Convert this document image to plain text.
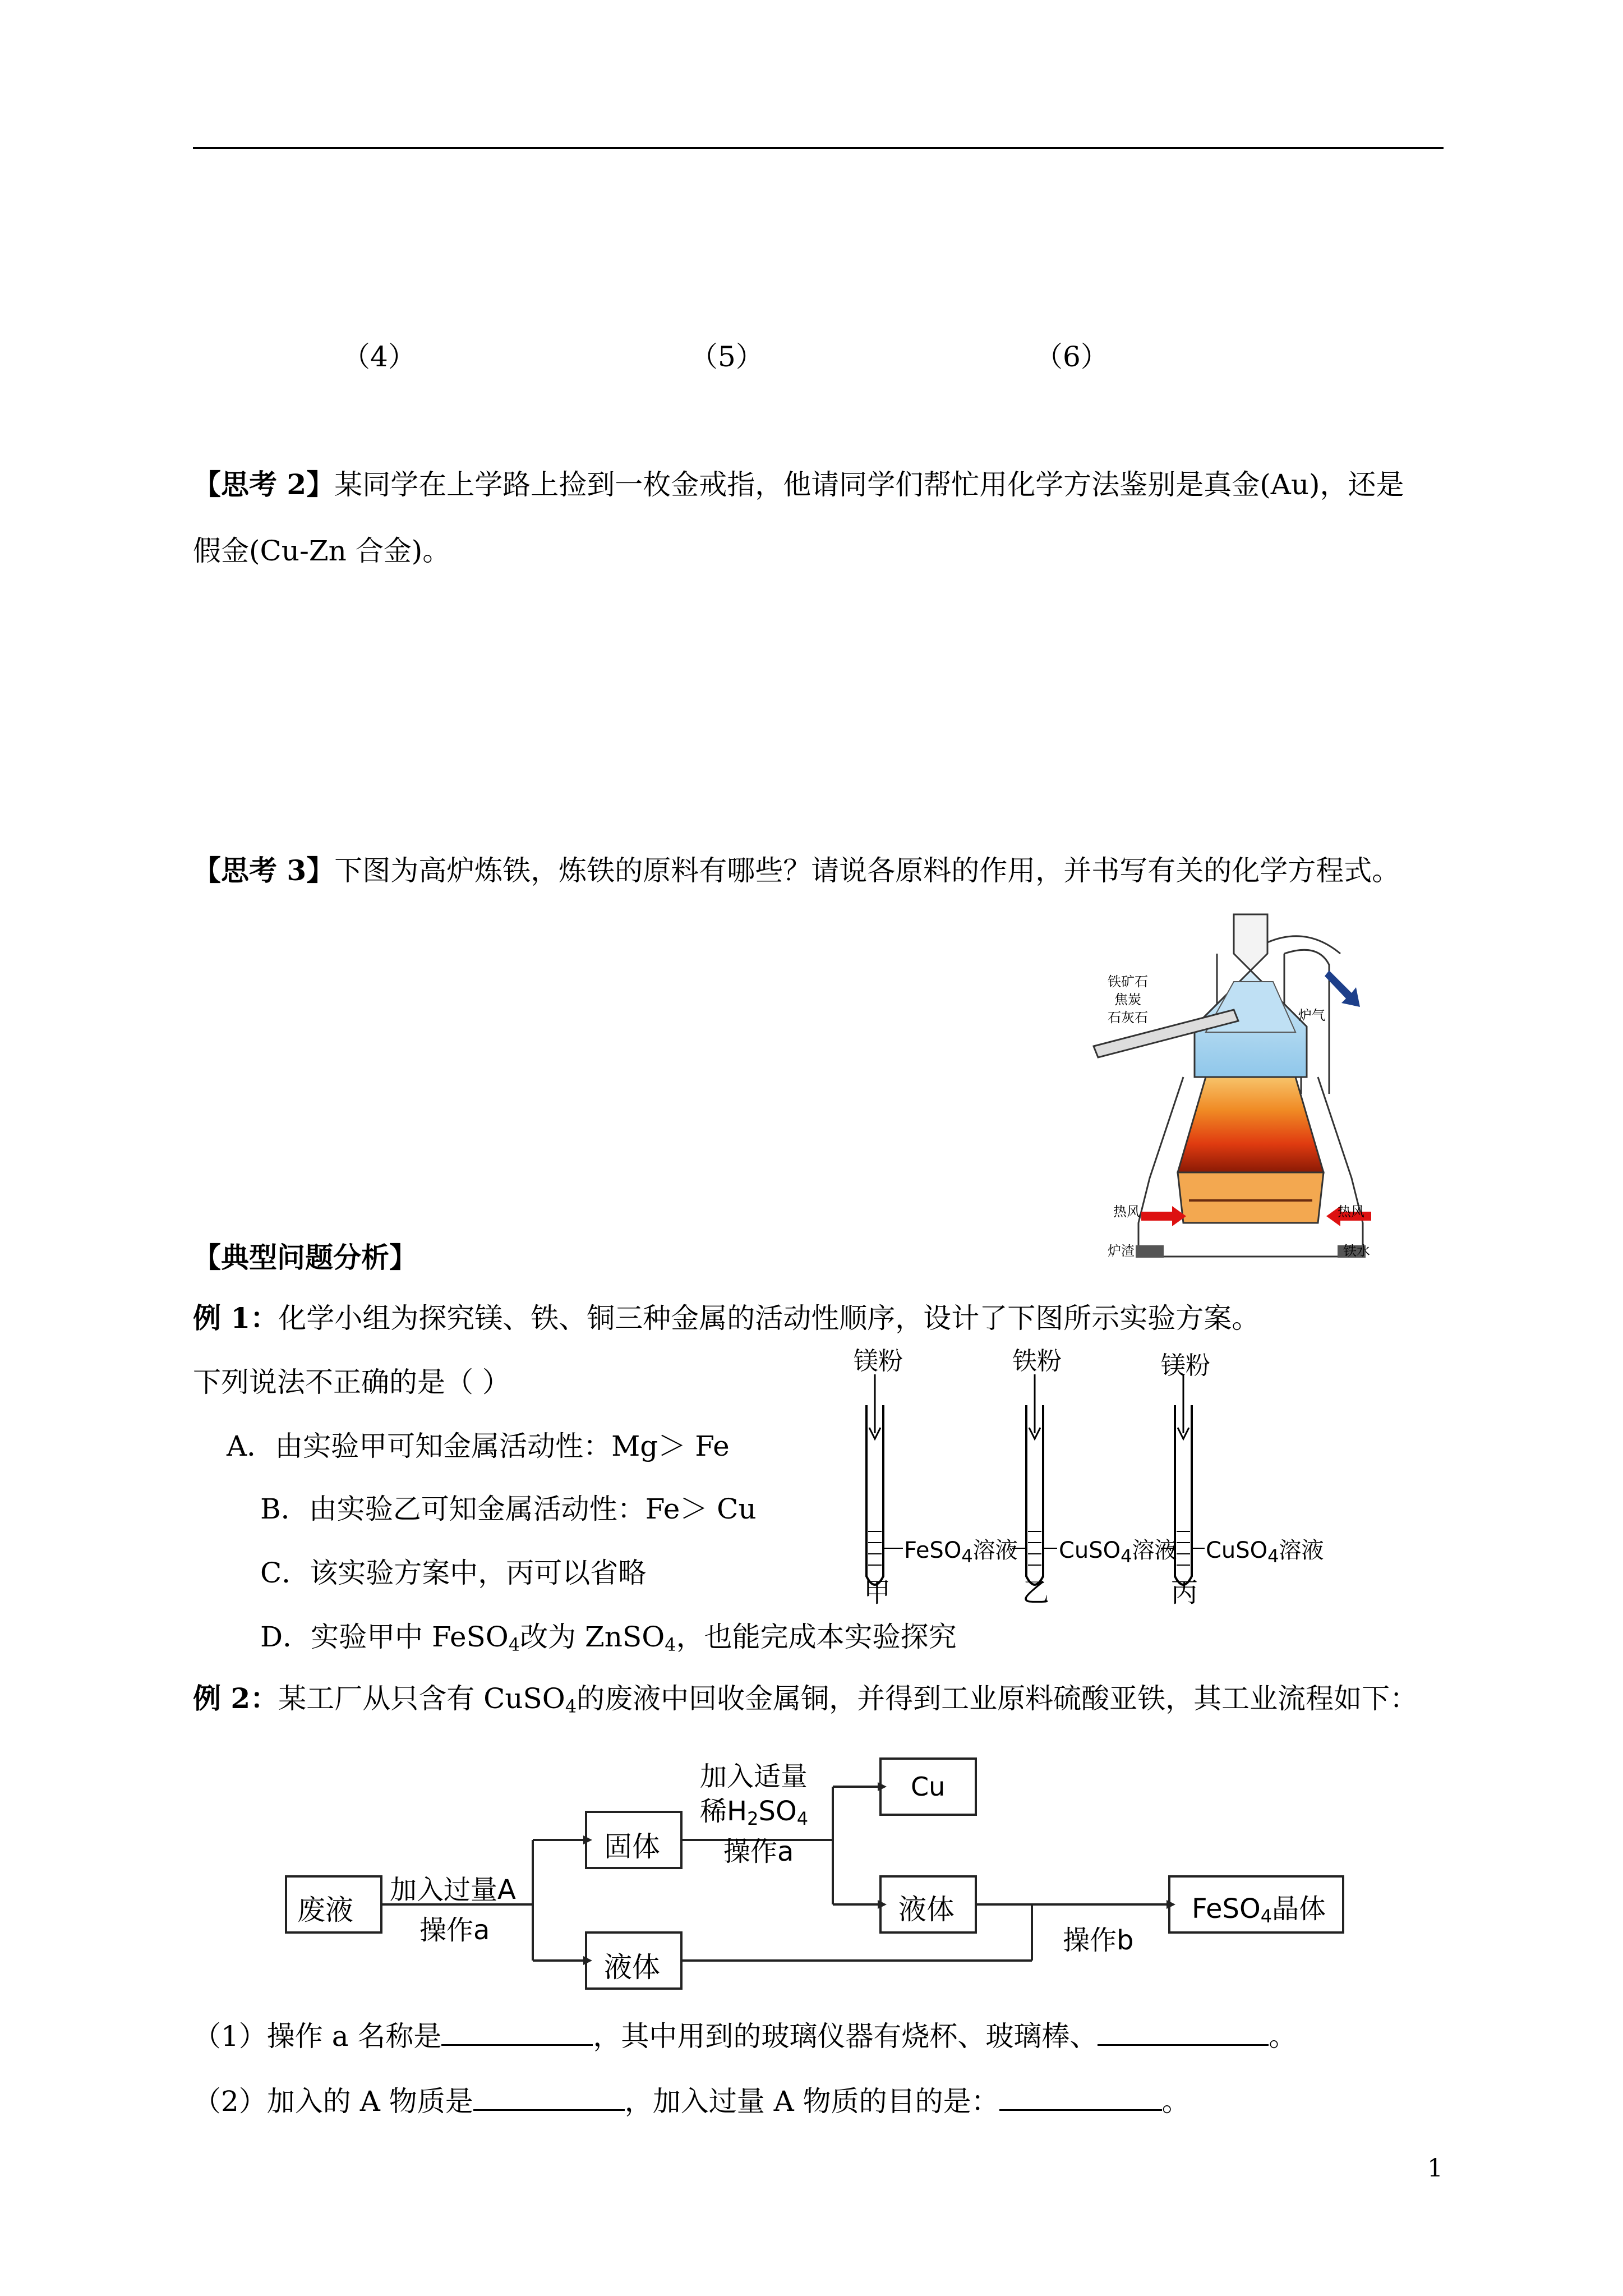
（4）	（5）	（6）
【思考 2】某同学在上学路上捡到一枚金戒指，他请同学们帮忙用化学方法鉴别是真金(Au)，还是
假金(Cu-Zn 合金)。
【思考 3】下图为高炉炼铁，炼铁的原料有哪些？请说各原料的作用，并书写有关的化学方程式。
铁矿石
焦炭
石灰石	炉气
热风	热风
炉渣	铁水
【典型问题分析】
例 1：化学小组为探究镁、铁、铜三种金属的活动性顺序，设计了下图所示实验方案。
下列说法不正确的是（ ）
A．由实验甲可知金属活动性：Mg＞ Fe
B．由实验乙可知金属活动性：Fe＞ Cu
C．该实验方案中，丙可以省略
D．实验甲中 FeSO$_4$改为 ZnSO$_4$，也能完成本实验探究
镁粉	铁粉	镁粉
FeSO$_4$溶液 CuSO$_4$溶液 CuSO$_4$溶液
甲	乙	丙
例 2：某工厂从只含有 CuSO$_4$的废液中回收金属铜，并得到工业原料硫酸亚铁，其工业流程如下：
废液
固体
液体
Cu
液体	FeSO$_4$晶体
加入过量A
操作a
加入适量
稀$H_2SO_4$
操作a
操作b
（1）操作 a 名称是	，其中用到的玻璃仪器有烧杯、玻璃棒、	。
（2）加入的 A 物质是	，加入过量 A 物质的目的是：	。
1
